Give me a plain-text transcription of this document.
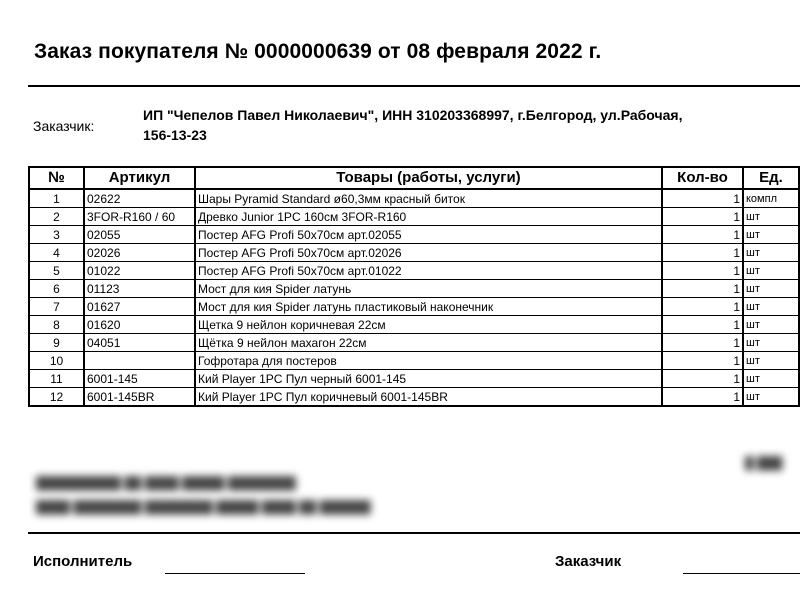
Заказ покупателя № 0000000639 от 08 февраля 2022 г.
Заказчик:
ИП "Чепелов Павел Николаевич", ИНН 310203368997, г.Белгород, ул.Рабочая,
156-13-23
№	Артикул	Товары (работы, услуги)	Кол-во	Ед.
1	02622	Шары Pyramid Standard ø60,3мм красный биток	1	компл
2	3FOR-R160 / 60	Древко Junior 1PC 160см 3FOR-R160	1	шт
3	02055	Постер AFG Profi 50x70см арт.02055	1	шт
4	02026	Постер AFG Profi 50x70см арт.02026	1	шт
5	01022	Постер AFG Profi 50x70см арт.01022	1	шт
6	01123	Мост для кия Spider латунь	1	шт
7	01627	Мост для кия Spider латунь пластиковый наконечник	1	шт
8	01620	Щетка 9 нейлон коричневая 22см	1	шт
9	04051	Щётка 9 нейлон махагон 22см	1	шт
10		Гофротара для постеров	1	шт
11	6001-145	Кий Player 1PC Пул черный 6001-145	1	шт
12	6001-145BR	Кий Player 1PC Пул коричневый 6001-145BR	1	шт
██████████ ██ ████ █████ ████████
████ ████████ ████████ █████ ████ ██ ██████
█ ███
Исполнитель	Заказчик
